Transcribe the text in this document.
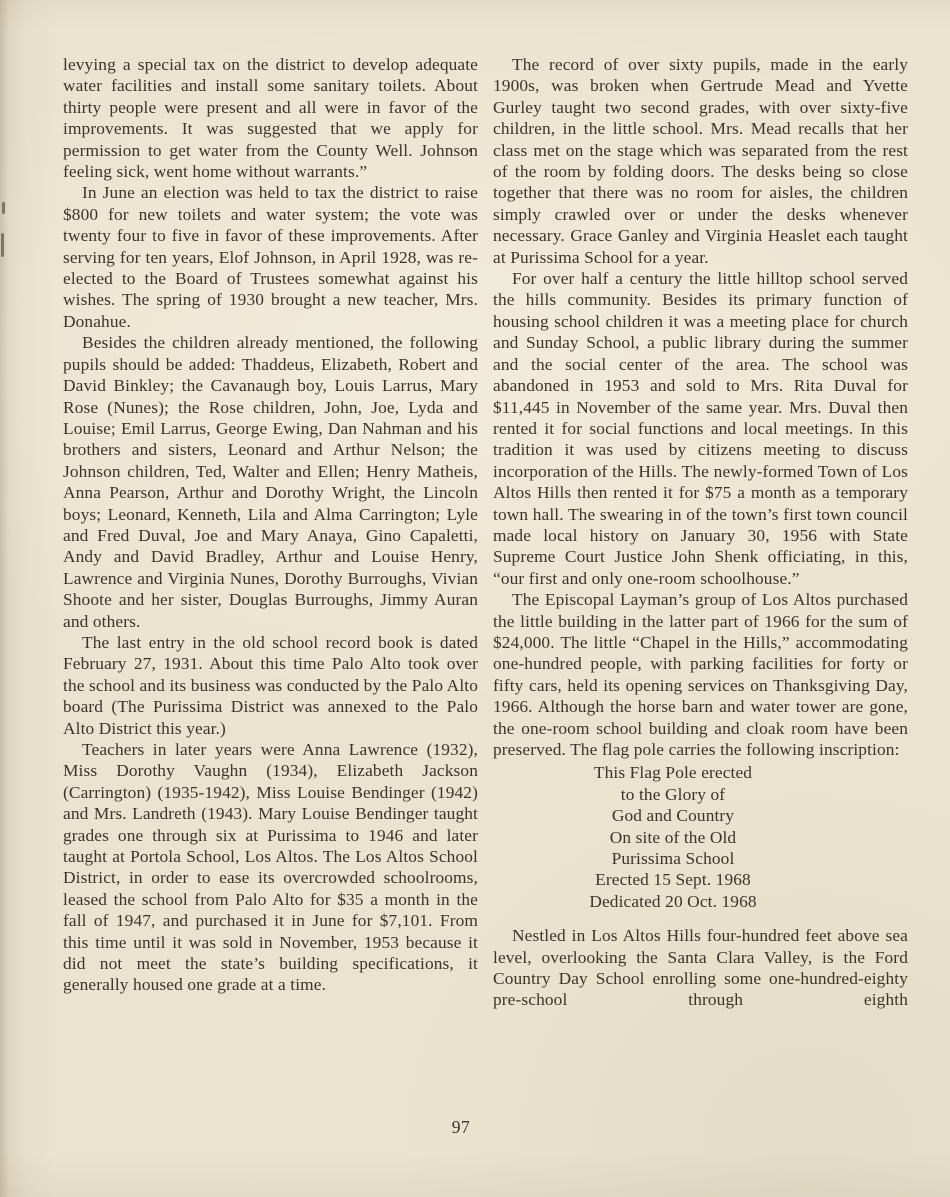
levying a special tax on the district to develop adequate water facilities and install some sanitary toilets. About thirty people were present and all were in favor of the improvements. It was suggested that we apply for permission to get water from the County Well. Johnson feeling sick, went home without warrants.”

In June an election was held to tax the district to raise $800 for new toilets and water system; the vote was twenty four to five in favor of these improvements. After serving for ten years, Elof Johnson, in April 1928, was re-elected to the Board of Trustees somewhat against his wishes. The spring of 1930 brought a new teacher, Mrs. Donahue.

Besides the children already mentioned, the following pupils should be added: Thaddeus, Elizabeth, Robert and David Binkley; the Cavanaugh boy, Louis Larrus, Mary Rose (Nunes); the Rose children, John, Joe, Lyda and Louise; Emil Larrus, George Ewing, Dan Nahman and his brothers and sisters, Leonard and Arthur Nelson; the Johnson children, Ted, Walter and Ellen; Henry Matheis, Anna Pearson, Arthur and Dorothy Wright, the Lincoln boys; Leonard, Kenneth, Lila and Alma Carrington; Lyle and Fred Duval, Joe and Mary Anaya, Gino Capaletti, Andy and David Bradley, Arthur and Louise Henry, Lawrence and Virginia Nunes, Dorothy Burroughs, Vivian Shoote and her sister, Douglas Burroughs, Jimmy Auran and others.

The last entry in the old school record book is dated February 27, 1931. About this time Palo Alto took over the school and its business was conducted by the Palo Alto board (The Purissima District was annexed to the Palo Alto District this year.)

Teachers in later years were Anna Lawrence (1932), Miss Dorothy Vaughn (1934), Elizabeth Jackson (Carrington) (1935-1942), Miss Louise Bendinger (1942) and Mrs. Landreth (1943). Mary Louise Bendinger taught grades one through six at Purissima to 1946 and later taught at Portola School, Los Altos. The Los Altos School District, in order to ease its overcrowded schoolrooms, leased the school from Palo Alto for $35 a month in the fall of 1947, and purchased it in June for $7,101. From this time until it was sold in November, 1953 because it did not meet the state’s building specifications, it generally housed one grade at a time.

The record of over sixty pupils, made in the early 1900s, was broken when Gertrude Mead and Yvette Gurley taught two second grades, with over sixty-five children, in the little school. Mrs. Mead recalls that her class met on the stage which was separated from the rest of the room by folding doors. The desks being so close together that there was no room for aisles, the children simply crawled over or under the desks whenever necessary. Grace Ganley and Virginia Heaslet each taught at Purissima School for a year.

For over half a century the little hilltop school served the hills community. Besides its primary function of housing school children it was a meeting place for church and Sunday School, a public library during the summer and the social center of the area. The school was abandoned in 1953 and sold to Mrs. Rita Duval for $11,445 in November of the same year. Mrs. Duval then rented it for social functions and local meetings. In this tradition it was used by citizens meeting to discuss incorporation of the Hills. The newly-formed Town of Los Altos Hills then rented it for $75 a month as a temporary town hall. The swearing in of the town’s first town council made local history on January 30, 1956 with State Supreme Court Justice John Shenk officiating, in this, “our first and only one-room schoolhouse.”

The Episcopal Layman’s group of Los Altos purchased the little building in the latter part of 1966 for the sum of $24,000. The little “Chapel in the Hills,” accommodating one-hundred people, with parking facilities for forty or fifty cars, held its opening services on Thanksgiving Day, 1966. Although the horse barn and water tower are gone, the one-room school building and cloak room have been preserved. The flag pole carries the following inscription:

This Flag Pole erected
to the Glory of
God and Country
On site of the Old
Purissima School
Erected 15 Sept. 1968
Dedicated 20 Oct. 1968

Nestled in Los Altos Hills four-hundred feet above sea level, overlooking the Santa Clara Valley, is the Ford Country Day School enrolling some one-hundred-eighty pre-school through eighth

97
